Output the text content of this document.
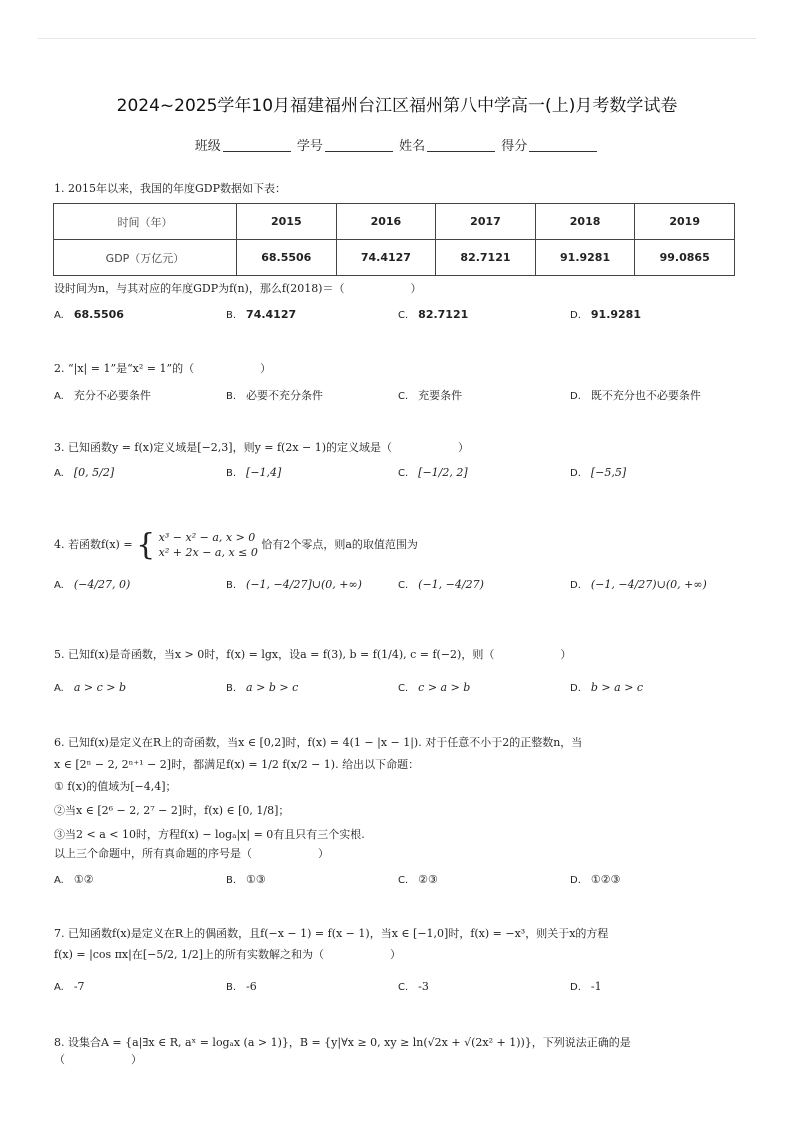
2024~2025学年10月福建福州台江区福州第八中学高一(上)月考数学试卷
班级	学号	姓名	得分
1. 2015年以来，我国的年度GDP数据如下表：
时间（年）	2015	2016	2017	2018	2019
GDP（万亿元）	68.5506	74.4127	82.7121	91.9281	99.0865
设时间为n，与其对应的年度GDP为f(n)，那么f(2018)＝（　　　　　　）
A. 68.5506	B. 74.4127	C. 82.7121	D. 91.9281
2. “|x| = 1”是“x² = 1”的（　　　　　　）
A. 充分不必要条件	B. 必要不充分条件	C. 充要条件	D. 既不充分也不必要条件
3. 已知函数y = f(x)定义域是[−2,3]，则y = f(2x − 1)的定义域是（　　　　　　）
A. [0, 5/2]	B. [−1,4]	C. [−1/2, 2]	D. [−5,5]
4. 若函数f(x) = { x³ − x² − a, x > 0
x² + 2x − a, x ≤ 0
恰有2个零点，则a的取值范围为
A. (−4/27, 0)	B. (−1, −4/27]∪(0, +∞)	C. (−1, −4/27)	D. (−1, −4/27)∪(0, +∞)
5. 已知f(x)是奇函数，当x > 0时，f(x) = lgx，设a = f(3), b = f(1/4), c = f(−2)，则（　　　　　　）
A. a > c > b	B. a > b > c	C. c > a > b	D. b > a > c
6. 已知f(x)是定义在R上的奇函数，当x ∈ [0,2]时，f(x) = 4(1 − |x − 1|). 对于任意不小于2的正整数n，当
x ∈ [2ⁿ − 2, 2ⁿ⁺¹ − 2]时，都满足f(x) = 1/2 f(x/2 − 1). 给出以下命题：
① f(x)的值域为[−4,4]；
②当x ∈ [2⁶ − 2, 2⁷ − 2]时，f(x) ∈ [0, 1/8]；
③当2 < a < 10时，方程f(x) − logₐ|x| = 0有且只有三个实根.
以上三个命题中，所有真命题的序号是（　　　　　　）
A. ①②	B. ①③	C. ②③	D. ①②③
7. 已知函数f(x)是定义在R上的偶函数，且f(−x − 1) = f(x − 1)，当x ∈ [−1,0]时，f(x) = −x³，则关于x的方程
f(x) = |cos πx|在[−5/2, 1/2]上的所有实数解之和为（　　　　　　）
A. -7	B. -6	C. -3	D. -1
8. 设集合A = {a|∃x ∈ R, aˣ = logₐx (a > 1)}，B = {y|∀x ≥ 0, xy ≥ ln(√2x + √(2x² + 1))}，下列说法正确的是
（　　　　　　）
